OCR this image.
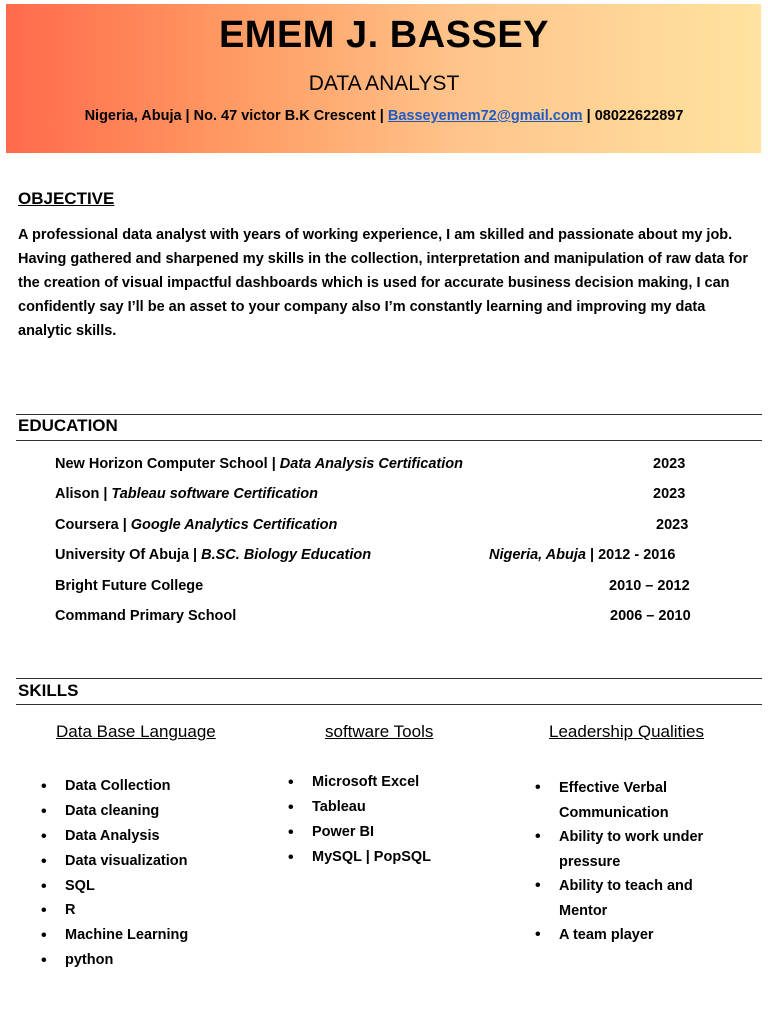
EMEM J. BASSEY
DATA ANALYST
Nigeria, Abuja | No. 47 victor B.K Crescent | Basseyemem72@gmail.com | 08022622897
OBJECTIVE
A professional data analyst with years of working experience, I am skilled and passionate about my job. Having gathered and sharpened my skills in the collection, interpretation and manipulation of raw data for the creation of visual impactful dashboards which is used for accurate business decision making, I can confidently say I’ll be an asset to your company also I’m constantly learning and improving my data analytic skills.
EDUCATION
New Horizon Computer School | Data Analysis Certification	2023
Alison | Tableau software Certification	2023
Coursera | Google Analytics Certification	2023
University Of Abuja | B.SC. Biology Education	Nigeria, Abuja | 2012 - 2016
Bright Future College	2010 – 2012
Command Primary School	2006 – 2010
SKILLS
Data Base Language	software Tools	Leadership Qualities
• Data Collection
• Data cleaning
• Data Analysis
• Data visualization
• SQL
• R
• Machine Learning
• python
• Microsoft Excel
• Tableau
• Power BI
• MySQL | PopSQL
• Effective Verbal Communication
• Ability to work under pressure
• Ability to teach and Mentor
• A team player
